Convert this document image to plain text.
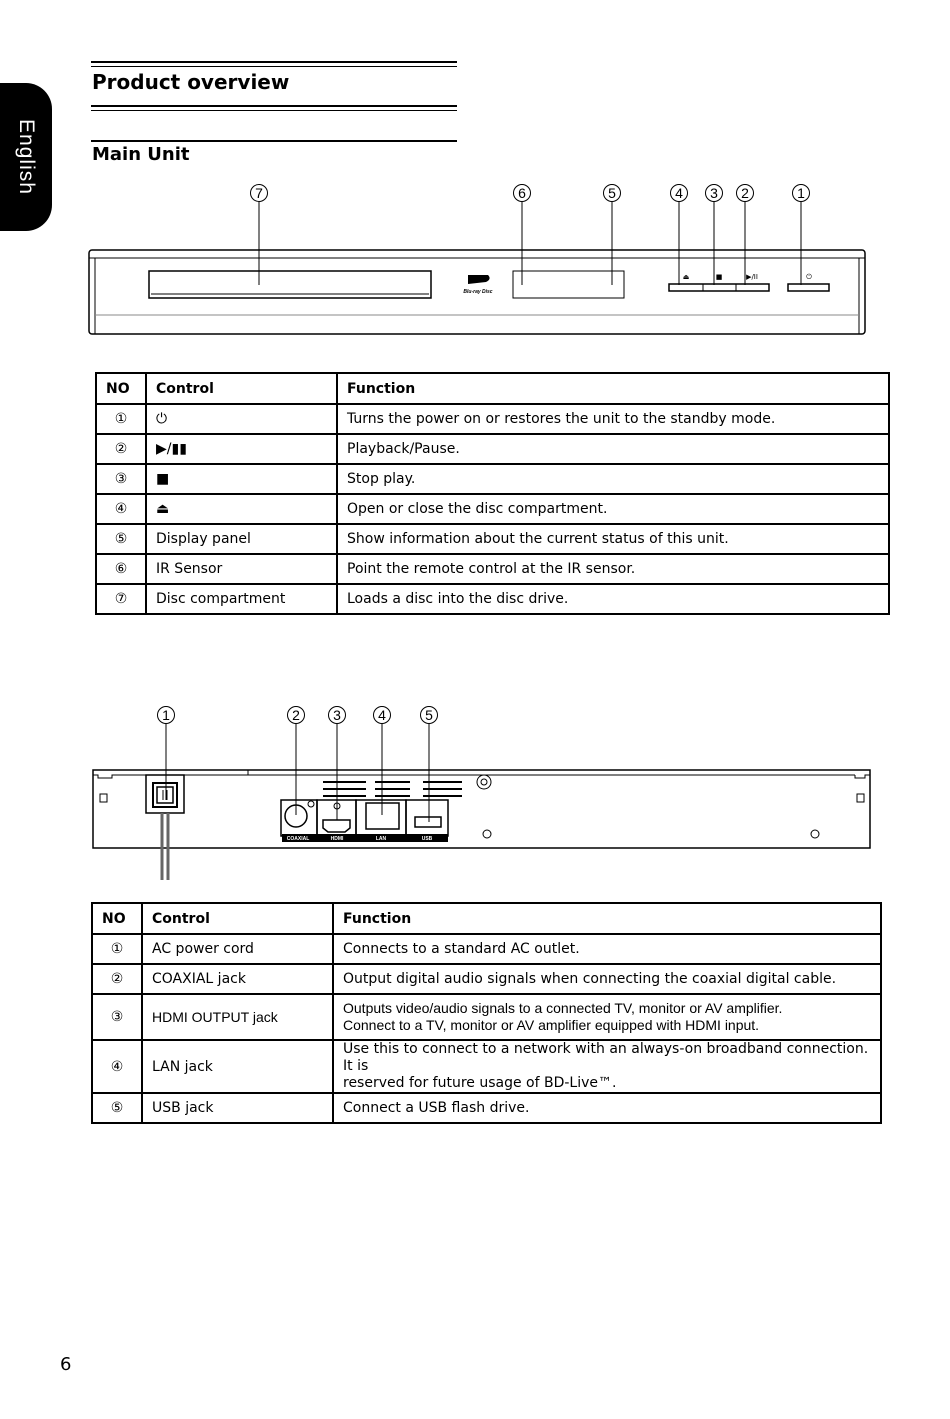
English
Product overview
Main Unit
7	6	5	4 3 2	1
⏏	■	▶/II	⏻
Blu-ray Disc
NO	Control	Function
①	⏻	Turns the power on or restores the unit to the standby mode.
②	▶/▮▮	Playback/Pause.
③	■	Stop play.
④	⏏	Open or close the disc compartment.
⑤	Display panel	Show information about the current status of this unit.
⑥	IR Sensor	Point the remote control at the IR sensor.
⑦	Disc compartment	Loads a disc into the disc drive.
COAXIAL	HDMI	LAN	USB
1	2 3	4	5
NO	Control	Function
①	AC power cord	Connects to a standard AC outlet.
②	COAXIAL jack	Output digital audio signals when connecting the coaxial digital cable.
③	HDMI OUTPUT jack	Outputs video/audio signals to a connected TV, monitor or AV amplifier.
Connect to a TV, monitor or AV amplifier equipped with HDMI input.

④	LAN jack	Use this to connect to a network with an always-on broadband connection. It is
reserved for future usage of BD-Live™.

⑤	USB jack	Connect a USB flash drive.
6
